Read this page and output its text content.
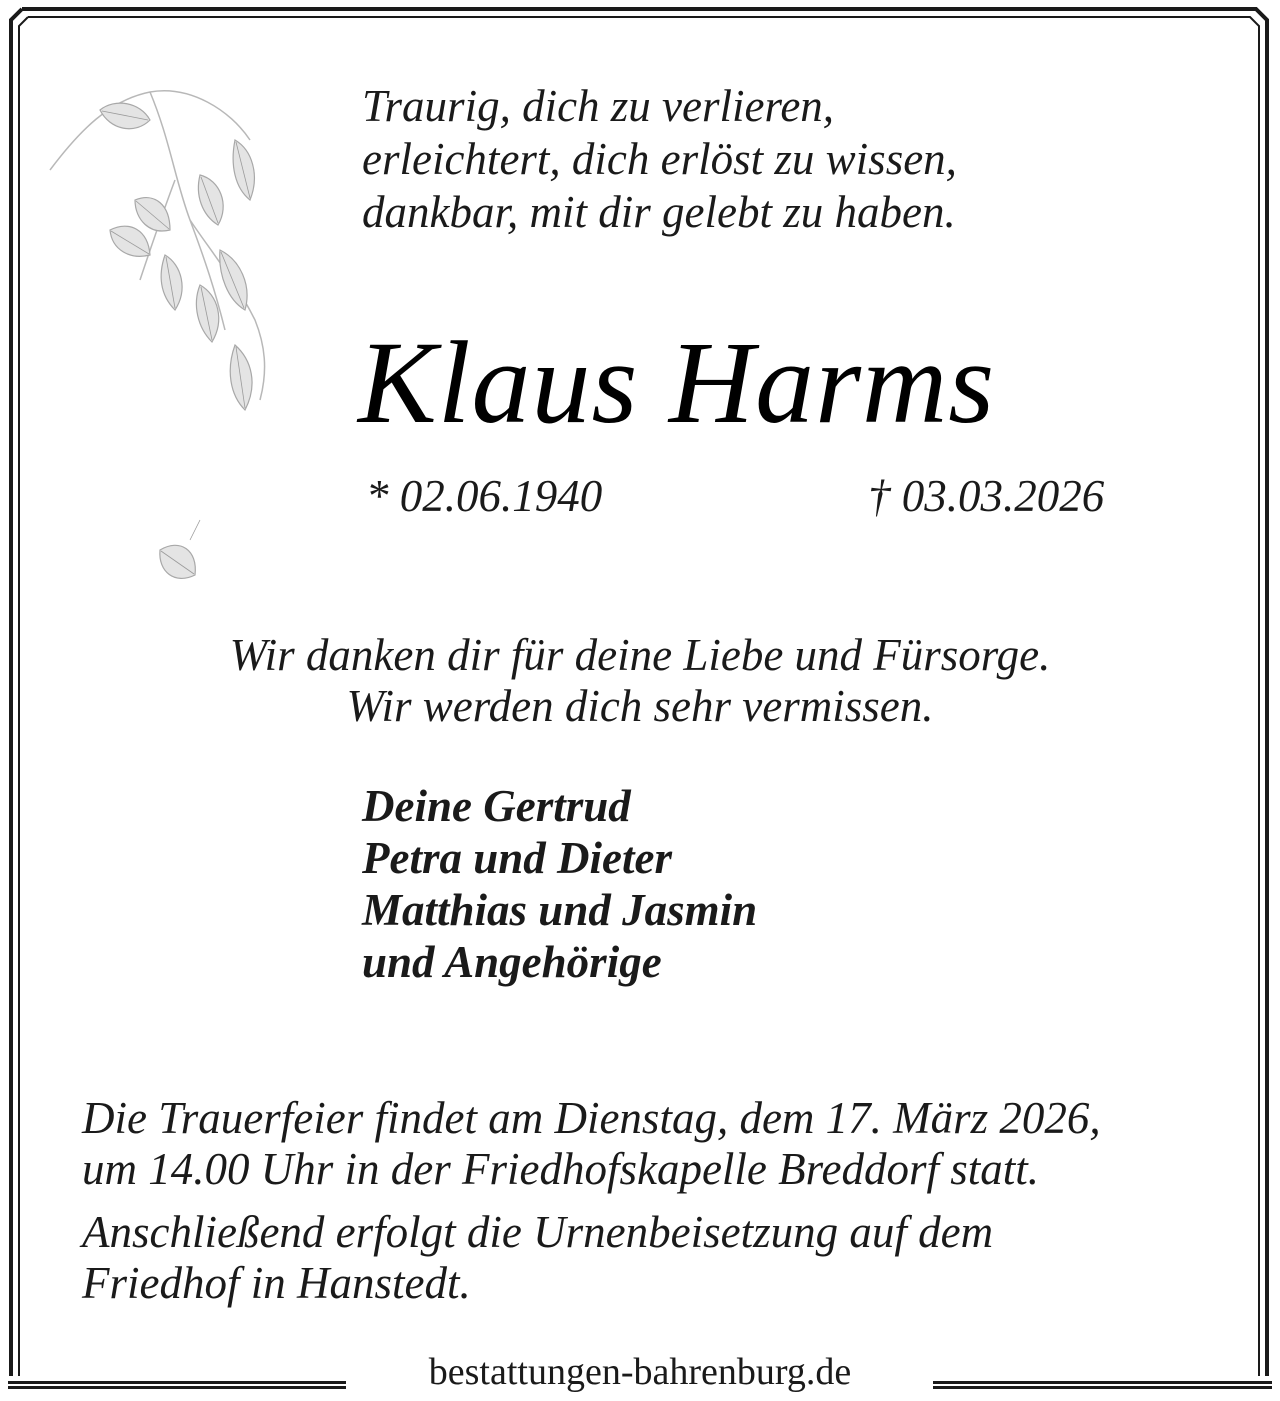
Traurig, dich zu verlieren,
erleichtert, dich erlöst zu wissen,
dankbar, mit dir gelebt zu haben.
Klaus Harms
* 02.06.1940	† 03.03.2026
Wir danken dir für deine Liebe und Fürsorge.
Wir werden dich sehr vermissen.
Deine Gertrud
Petra und Dieter
Matthias und Jasmin
und Angehörige
Die Trauerfeier findet am Dienstag, dem 17. März 2026,
um 14.00 Uhr in der Friedhofskapelle Breddorf statt.
Anschließend erfolgt die Urnenbeisetzung auf dem
Friedhof in Hanstedt.
bestattungen-bahrenburg.de
